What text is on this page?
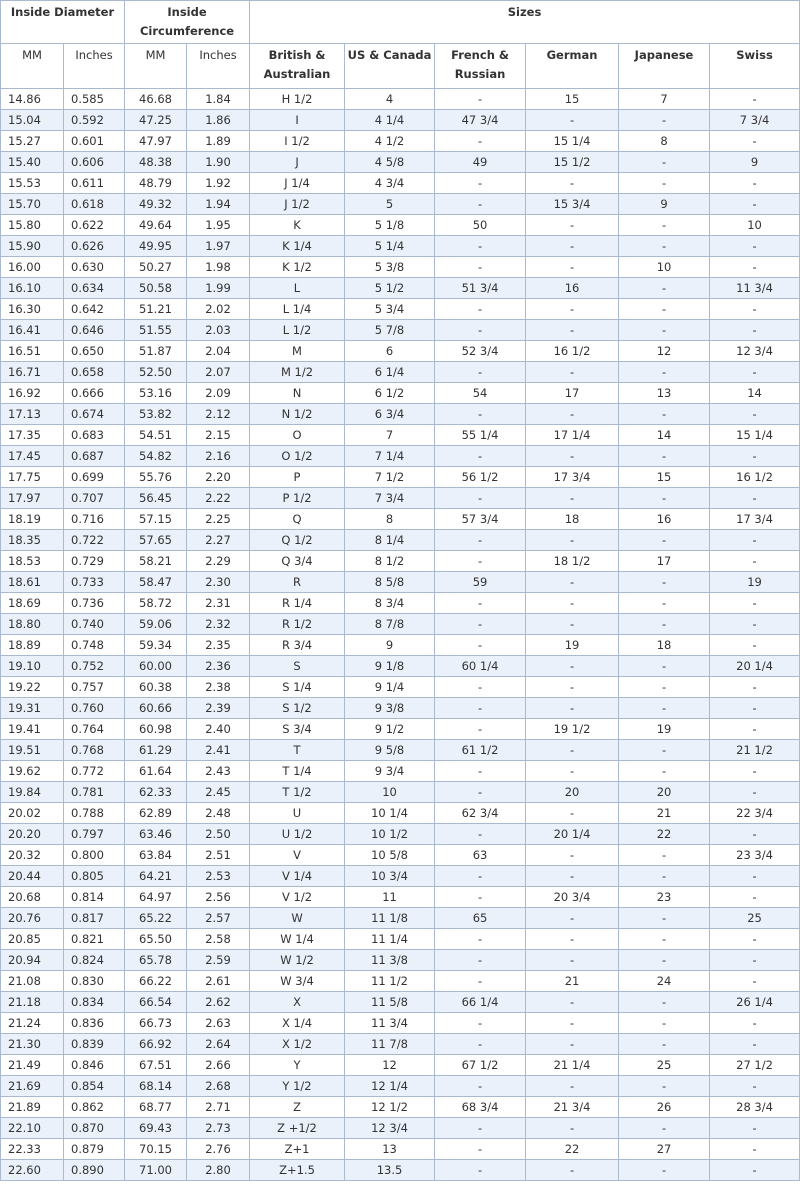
Inside Diameter		Inside Circumference		Sizes					
MM	Inches	MM	Inches	British & Australian	US & Canada	French & Russian	German	Japanese	Swiss
14.86	0.585	46.68	1.84	H 1/2	4	-	15	7	-
15.04	0.592	47.25	1.86	I	4 1/4	47 3/4	-	-	7 3/4
15.27	0.601	47.97	1.89	I 1/2	4 1/2	-	15 1/4	8	-
15.40	0.606	48.38	1.90	J	4 5/8	49	15 1/2	-	9
15.53	0.611	48.79	1.92	J 1/4	4 3/4	-	-	-	-
15.70	0.618	49.32	1.94	J 1/2	5	-	15 3/4	9	-
15.80	0.622	49.64	1.95	K	5 1/8	50	-	-	10
15.90	0.626	49.95	1.97	K 1/4	5 1/4	-	-	-	-
16.00	0.630	50.27	1.98	K 1/2	5 3/8	-	-	10	-
16.10	0.634	50.58	1.99	L	5 1/2	51 3/4	16	-	11 3/4
16.30	0.642	51.21	2.02	L 1/4	5 3/4	-	-	-	-
16.41	0.646	51.55	2.03	L 1/2	5 7/8	-	-	-	-
16.51	0.650	51.87	2.04	M	6	52 3/4	16 1/2	12	12 3/4
16.71	0.658	52.50	2.07	M 1/2	6 1/4	-	-	-	-
16.92	0.666	53.16	2.09	N	6 1/2	54	17	13	14
17.13	0.674	53.82	2.12	N 1/2	6 3/4	-	-	-	-
17.35	0.683	54.51	2.15	O	7	55 1/4	17 1/4	14	15 1/4
17.45	0.687	54.82	2.16	O 1/2	7 1/4	-	-	-	-
17.75	0.699	55.76	2.20	P	7 1/2	56 1/2	17 3/4	15	16 1/2
17.97	0.707	56.45	2.22	P 1/2	7 3/4	-	-	-	-
18.19	0.716	57.15	2.25	Q	8	57 3/4	18	16	17 3/4
18.35	0.722	57.65	2.27	Q 1/2	8 1/4	-	-	-	-
18.53	0.729	58.21	2.29	Q 3/4	8 1/2	-	18 1/2	17	-
18.61	0.733	58.47	2.30	R	8 5/8	59	-	-	19
18.69	0.736	58.72	2.31	R 1/4	8 3/4	-	-	-	-
18.80	0.740	59.06	2.32	R 1/2	8 7/8	-	-	-	-
18.89	0.748	59.34	2.35	R 3/4	9	-	19	18	-
19.10	0.752	60.00	2.36	S	9 1/8	60 1/4	-	-	20 1/4
19.22	0.757	60.38	2.38	S 1/4	9 1/4	-	-	-	-
19.31	0.760	60.66	2.39	S 1/2	9 3/8	-	-	-	-
19.41	0.764	60.98	2.40	S 3/4	9 1/2	-	19 1/2	19	-
19.51	0.768	61.29	2.41	T	9 5/8	61 1/2	-	-	21 1/2
19.62	0.772	61.64	2.43	T 1/4	9 3/4	-	-	-	-
19.84	0.781	62.33	2.45	T 1/2	10	-	20	20	-
20.02	0.788	62.89	2.48	U	10 1/4	62 3/4	-	21	22 3/4
20.20	0.797	63.46	2.50	U 1/2	10 1/2	-	20 1/4	22	-
20.32	0.800	63.84	2.51	V	10 5/8	63	-	-	23 3/4
20.44	0.805	64.21	2.53	V 1/4	10 3/4	-	-	-	-
20.68	0.814	64.97	2.56	V 1/2	11	-	20 3/4	23	-
20.76	0.817	65.22	2.57	W	11 1/8	65	-	-	25
20.85	0.821	65.50	2.58	W 1/4	11 1/4	-	-	-	-
20.94	0.824	65.78	2.59	W 1/2	11 3/8	-	-	-	-
21.08	0.830	66.22	2.61	W 3/4	11 1/2	-	21	24	-
21.18	0.834	66.54	2.62	X	11 5/8	66 1/4	-	-	26 1/4
21.24	0.836	66.73	2.63	X 1/4	11 3/4	-	-	-	-
21.30	0.839	66.92	2.64	X 1/2	11 7/8	-	-	-	-
21.49	0.846	67.51	2.66	Y	12	67 1/2	21 1/4	25	27 1/2
21.69	0.854	68.14	2.68	Y 1/2	12 1/4	-	-	-	-
21.89	0.862	68.77	2.71	Z	12 1/2	68 3/4	21 3/4	26	28 3/4
22.10	0.870	69.43	2.73	Z +1/2	12 3/4	-	-	-	-
22.33	0.879	70.15	2.76	Z+1	13	-	22	27	-
22.60	0.890	71.00	2.80	Z+1.5	13.5	-	-	-	-
